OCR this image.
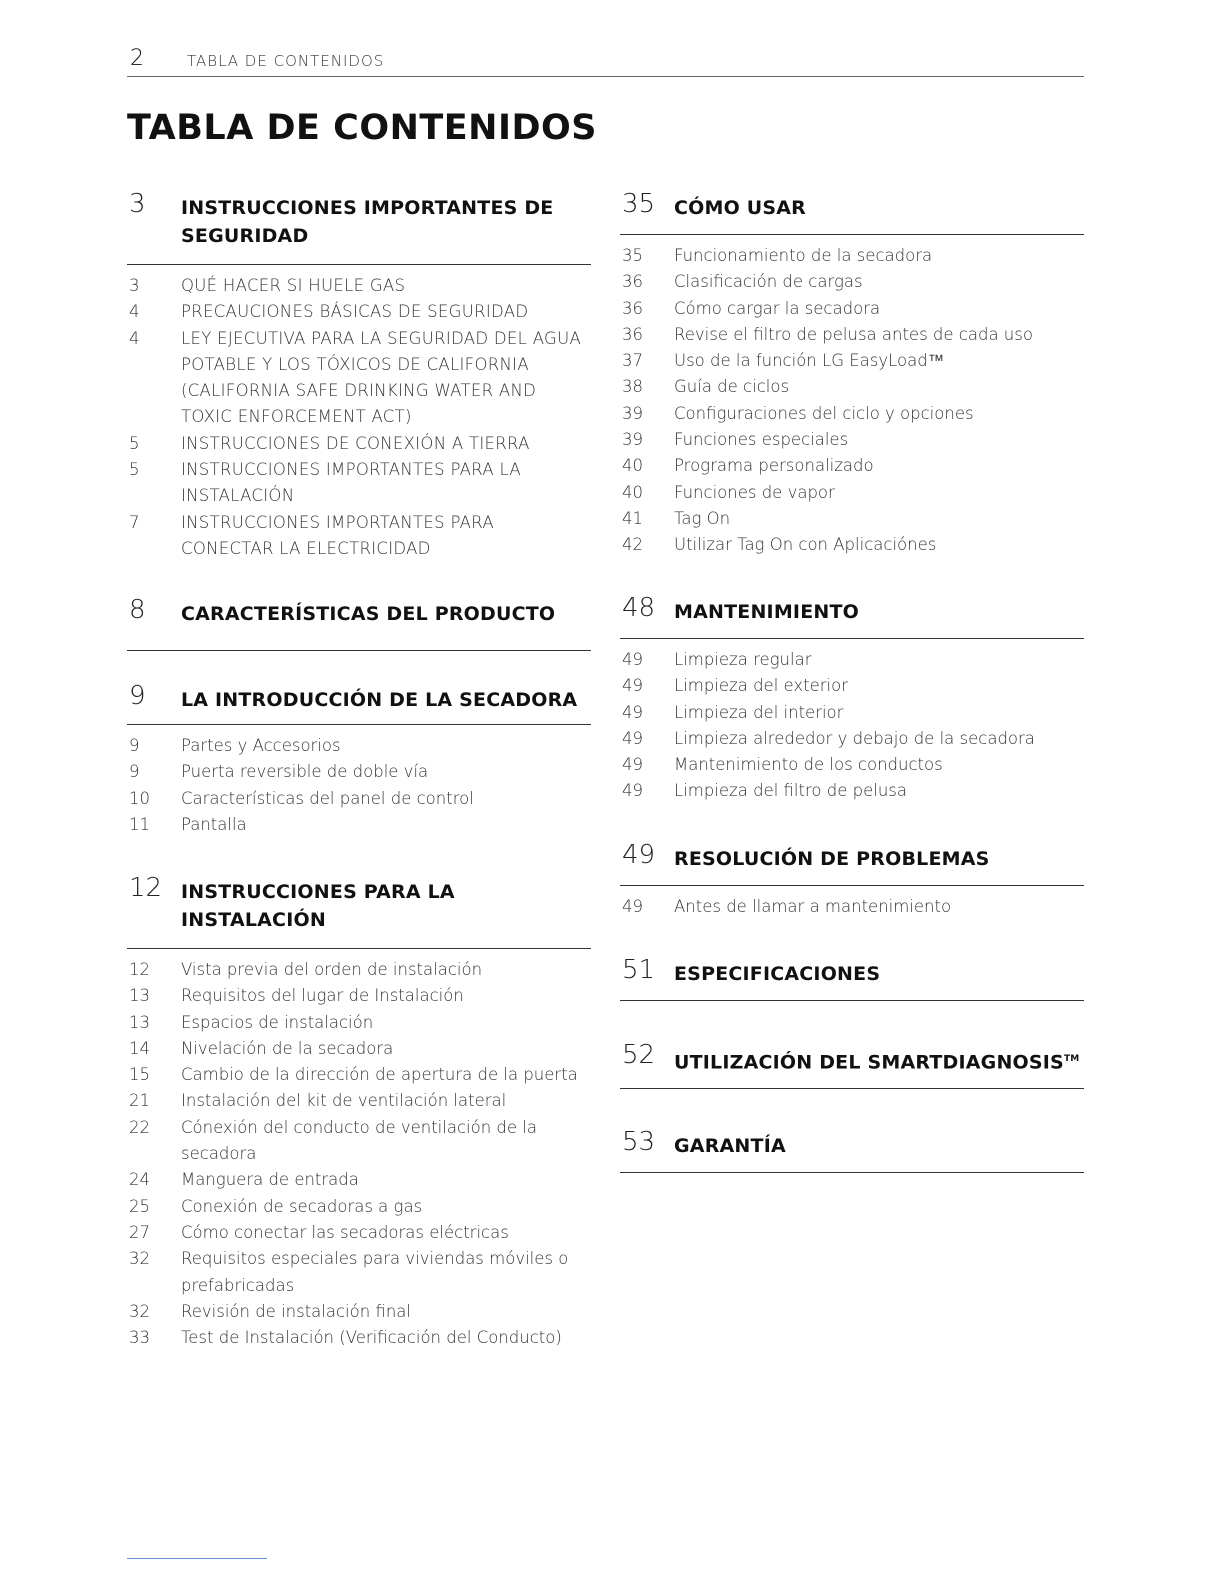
2	TABLA DE CONTENIDOS
TABLA DE CONTENIDOS
3 INSTRUCCIONES IMPORTANTES DE SEGURIDAD
3	QUÉ HACER SI HUELE GAS
4	PRECAUCIONES BÁSICAS DE SEGURIDAD
4	LEY EJECUTIVA PARA LA SEGURIDAD DEL AGUA POTABLE Y LOS TÓXICOS DE CALIFORNIA (CALIFORNIA SAFE DRINKING WATER AND TOXIC ENFORCEMENT ACT)
5	INSTRUCCIONES DE CONEXIÓN A TIERRA
5	INSTRUCCIONES IMPORTANTES PARA LA INSTALACIÓN
7	INSTRUCCIONES IMPORTANTES PARA CONECTAR LA ELECTRICIDAD
8 CARACTERÍSTICAS DEL PRODUCTO
9 LA INTRODUCCIÓN DE LA SECADORA
9	Partes y Accesorios
9	Puerta reversible de doble vía
10 Características del panel de control
11 Pantalla
12 INSTRUCCIONES PARA LA INSTALACIÓN
12 Vista previa del orden de instalación
13 Requisitos del lugar de Instalación
13 Espacios de instalación
14 Nivelación de la secadora
15 Cambio de la dirección de apertura de la puerta
21 Instalación del kit de ventilación lateral
22 Cónexión del conducto de ventilación de la secadora
24 Manguera de entrada
25 Conexión de secadoras a gas
27 Cómo conectar las secadoras eléctricas
32 Requisitos especiales para viviendas móviles o prefabricadas
32 Revisión de instalación final
33 Test de Instalación (Verificación del Conducto)
35 CÓMO USAR
35 Funcionamiento de la secadora
36 Clasificación de cargas
36 Cómo cargar la secadora
36 Revise el filtro de pelusa antes de cada uso
37 Uso de la función LG EasyLoad™
38 Guía de ciclos
39 Configuraciones del ciclo y opciones
39 Funciones especiales
40 Programa personalizado
40 Funciones de vapor
41 Tag On
42 Utilizar Tag On con Aplicaciónes
48 MANTENIMIENTO
49 Limpieza regular
49 Limpieza del exterior
49 Limpieza del interior
49 Limpieza alrededor y debajo de la secadora
49 Mantenimiento de los conductos
49 Limpieza del filtro de pelusa
49 RESOLUCIÓN DE PROBLEMAS
49 Antes de llamar a mantenimiento
51 ESPECIFICACIONES
52 UTILIZACIÓN DEL SMARTDIAGNOSIS™
53 GARANTÍA
